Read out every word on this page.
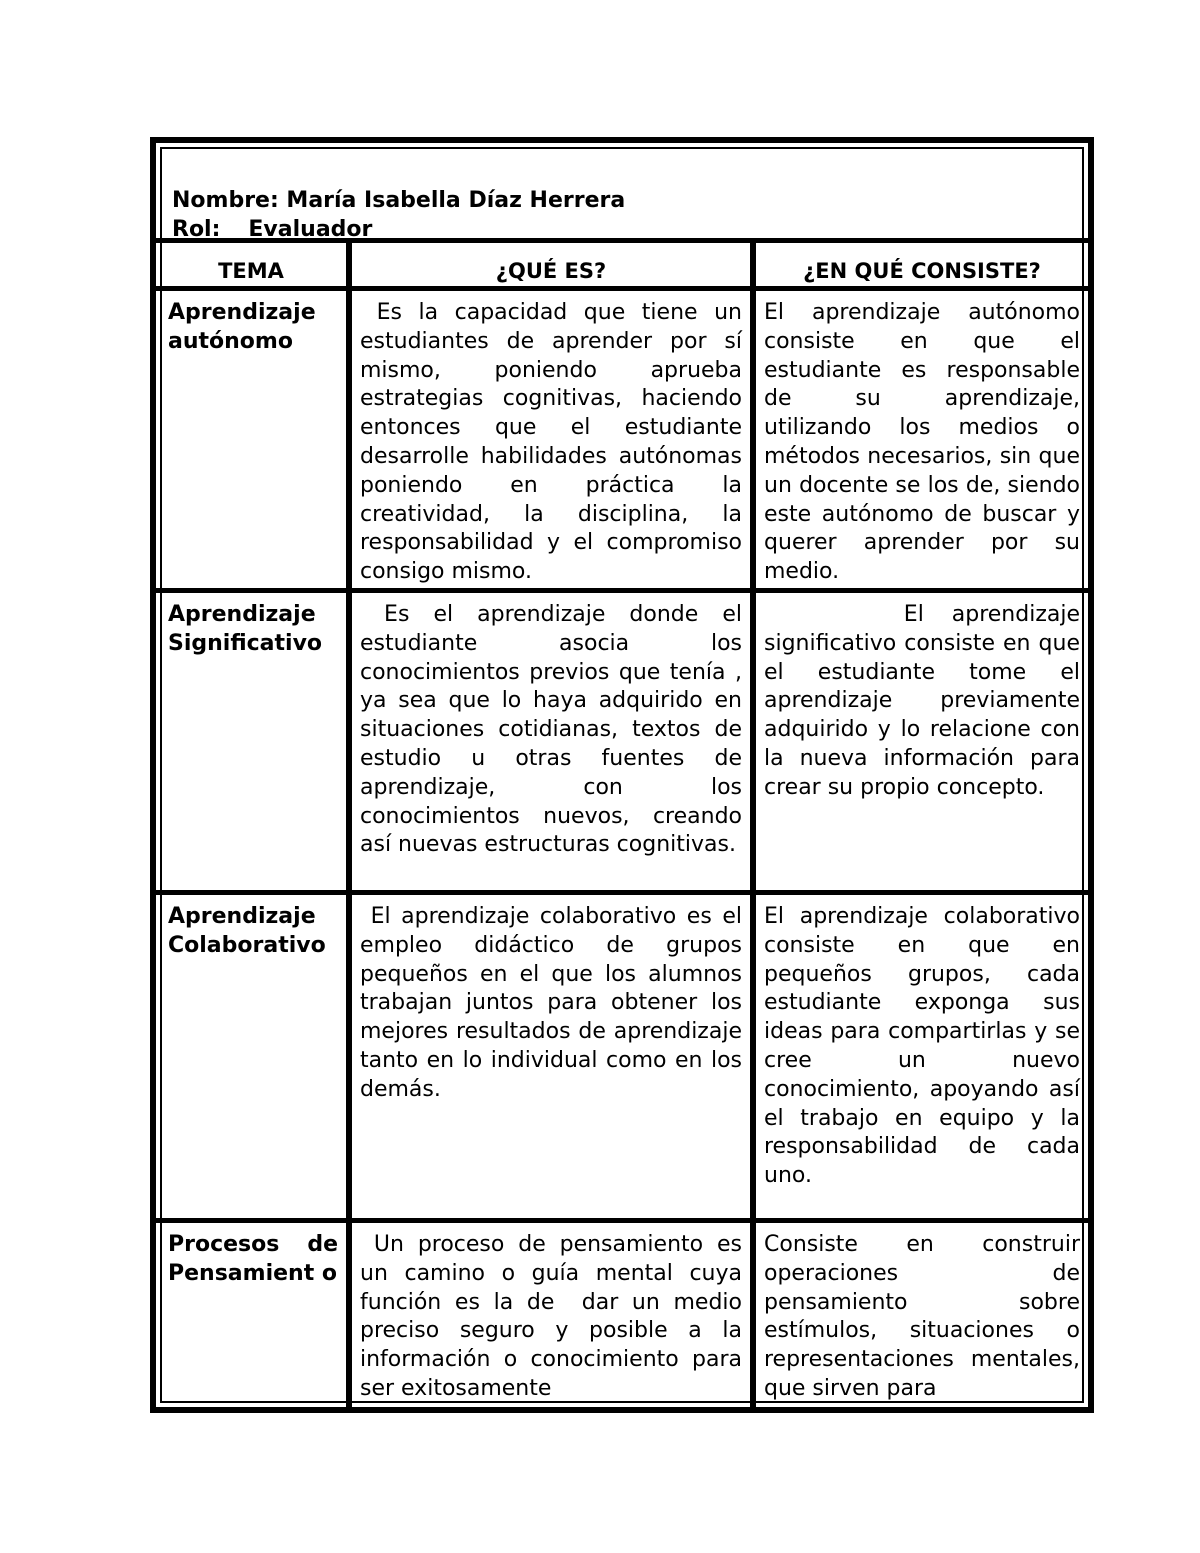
Nombre: María Isabella Díaz Herrera
Rol: Evaluador
TEMA	¿QUÉ ES?	¿EN QUÉ CONSISTE?
Aprendizaje autónomo
Es la capacidad que tiene un estudiantes de aprender por sí mismo, poniendo aprueba estrategias cognitivas, haciendo entonces que el estudiante desarrolle habilidades autónomas poniendo en práctica la creatividad, la disciplina, la responsabilidad y el compromiso consigo mismo.
El aprendizaje autónomo consiste en que el estudiante es responsable de su aprendizaje, utilizando los medios o métodos necesarios, sin que un docente se los de, siendo este autónomo de buscar y querer aprender por su medio.
Aprendizaje Significativo
Es el aprendizaje donde el estudiante asocia los conocimientos previos que tenía , ya sea que lo haya adquirido en situaciones cotidianas, textos de estudio u otras fuentes de aprendizaje, con los conocimientos nuevos, creando así nuevas estructuras cognitivas.
El aprendizaje significativo consiste en que el estudiante tome el aprendizaje previamente adquirido y lo relacione con la nueva información para crear su propio concepto.
Aprendizaje Colaborativo
El aprendizaje colaborativo es el empleo didáctico de grupos pequeños en el que los alumnos trabajan juntos para obtener los mejores resultados de aprendizaje tanto en lo individual como en los demás.
El aprendizaje colaborativo consiste en que en pequeños grupos, cada estudiante exponga sus ideas para compartirlas y se cree un nuevo conocimiento, apoyando así el trabajo en equipo y la responsabilidad de cada uno.
Procesos de Pensamient o
Un proceso de pensamiento es un camino o guía mental cuya función es la de  dar un medio preciso seguro y posible a la información o conocimiento para ser exitosamente
Consiste en construir operaciones de pensamiento sobre estímulos, situaciones o representaciones mentales, que sirven para
